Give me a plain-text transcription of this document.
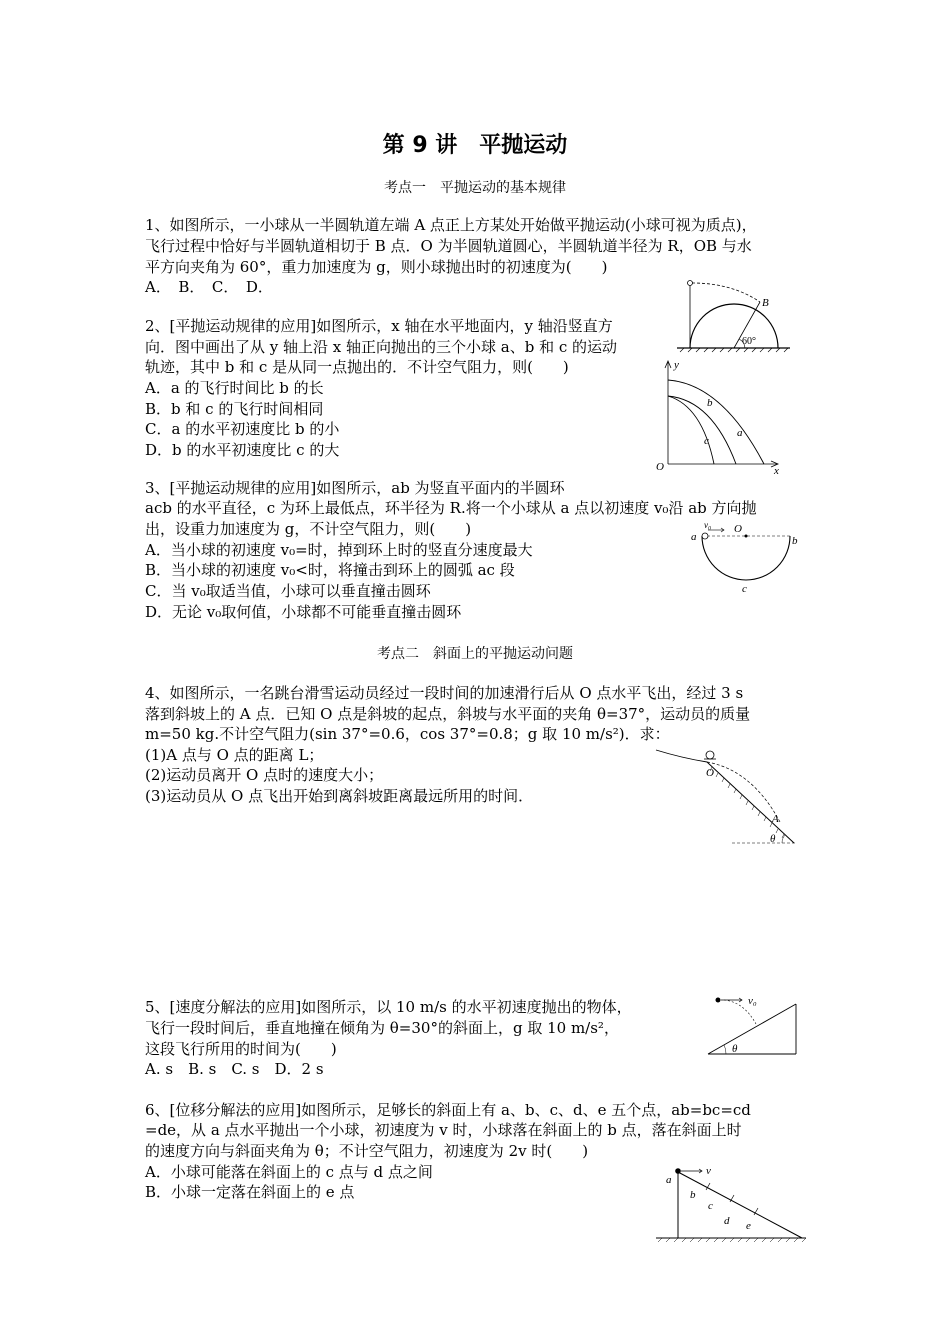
第 9 讲　平抛运动
考点一　平抛运动的基本规律
1、如图所示，一小球从一半圆轨道左端 A 点正上方某处开始做平抛运动(小球可视为质点)，
飞行过程中恰好与半圆轨道相切于 B 点．O 为半圆轨道圆心，半圆轨道半径为 R，OB 与水
平方向夹角为 60°，重力加速度为 g，则小球抛出时的初速度为(　　)
A．　B．　C．　D．
B
60°
2、[平抛运动规律的应用]如图所示，x 轴在水平地面内，y 轴沿竖直方
向．图中画出了从 y 轴上沿 x 轴正向抛出的三个小球 a、b 和 c 的运动
轨迹，其中 b 和 c 是从同一点抛出的．不计空气阻力，则(　　)
A．a 的飞行时间比 b 的长
B．b 和 c 的飞行时间相同
C．a 的水平初速度比 b 的小
D．b 的水平初速度比 c 的大
y
x
O
a
b
c
3、[平抛运动规律的应用]如图所示，ab 为竖直平面内的半圆环
acb 的水平直径，c 为环上最低点，环半径为 R.将一个小球从 a 点以初速度 v₀沿 ab 方向抛
出，设重力加速度为 g，不计空气阻力，则(　　)
A．当小球的初速度 v₀=时，掉到环上时的竖直分速度最大
B．当小球的初速度 v₀<时，将撞击到环上的圆弧 ac 段
C．当 v₀取适当值，小球可以垂直撞击圆环
D．无论 v₀取何值，小球都不可能垂直撞击圆环
v₀ O
a	b
c
考点二　斜面上的平抛运动问题
4、如图所示，一名跳台滑雪运动员经过一段时间的加速滑行后从 O 点水平飞出，经过 3 s
落到斜坡上的 A 点．已知 O 点是斜坡的起点，斜坡与水平面的夹角 θ=37°，运动员的质量
m=50 kg.不计空气阻力(sin 37°=0.6，cos 37°=0.8；g 取 10 m/s²)．求：
(1)A 点与 O 点的距离 L；
(2)运动员离开 O 点时的速度大小；
(3)运动员从 O 点飞出开始到离斜坡距离最远所用的时间．
O
A
θ
5、[速度分解法的应用]如图所示，以 10 m/s 的水平初速度抛出的物体，
飞行一段时间后，垂直地撞在倾角为 θ=30°的斜面上，g 取 10 m/s²，
这段飞行所用的时间为(　　)
A. s　B. s　C. s　D．2 s
v₀
θ
6、[位移分解法的应用]如图所示，足够长的斜面上有 a、b、c、d、e 五个点，ab=bc=cd
=de，从 a 点水平抛出一个小球，初速度为 v 时，小球落在斜面上的 b 点，落在斜面上时
的速度方向与斜面夹角为 θ；不计空气阻力，初速度为 2v 时(　　)
A．小球可能落在斜面上的 c 点与 d 点之间
B．小球一定落在斜面上的 e 点
v
a
b
c
d e
